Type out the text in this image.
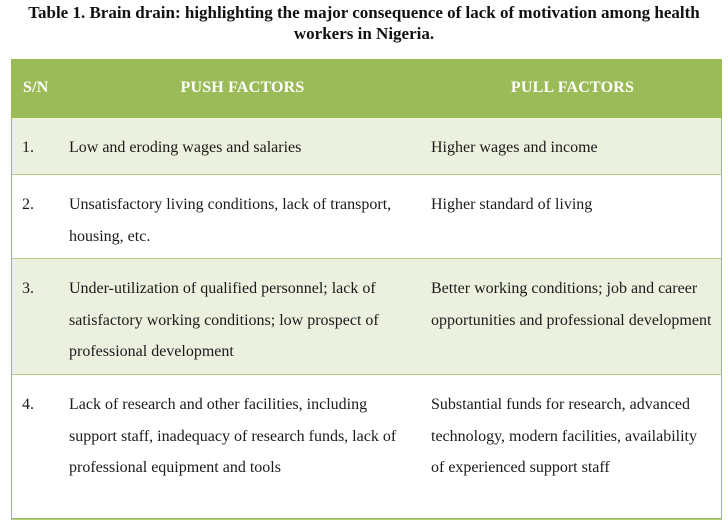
Table 1. Brain drain: highlighting the major consequence of lack of motivation among health
workers in Nigeria.
S/N	PUSH FACTORS	PULL FACTORS

1.	Low and eroding wages and salaries	Higher wages and income

2.	Unsatisfactory living conditions, lack of transport, housing, etc.	Higher standard of living

3.	Under-utilization of qualified personnel; lack of satisfactory working conditions; low prospect of professional development	Better working conditions; job and career opportunities and professional development

4.	Lack of research and other facilities, including support staff, inadequacy of research funds, lack of professional equipment and tools	Substantial funds for research, advanced technology, modern facilities, availability of experienced support staff
